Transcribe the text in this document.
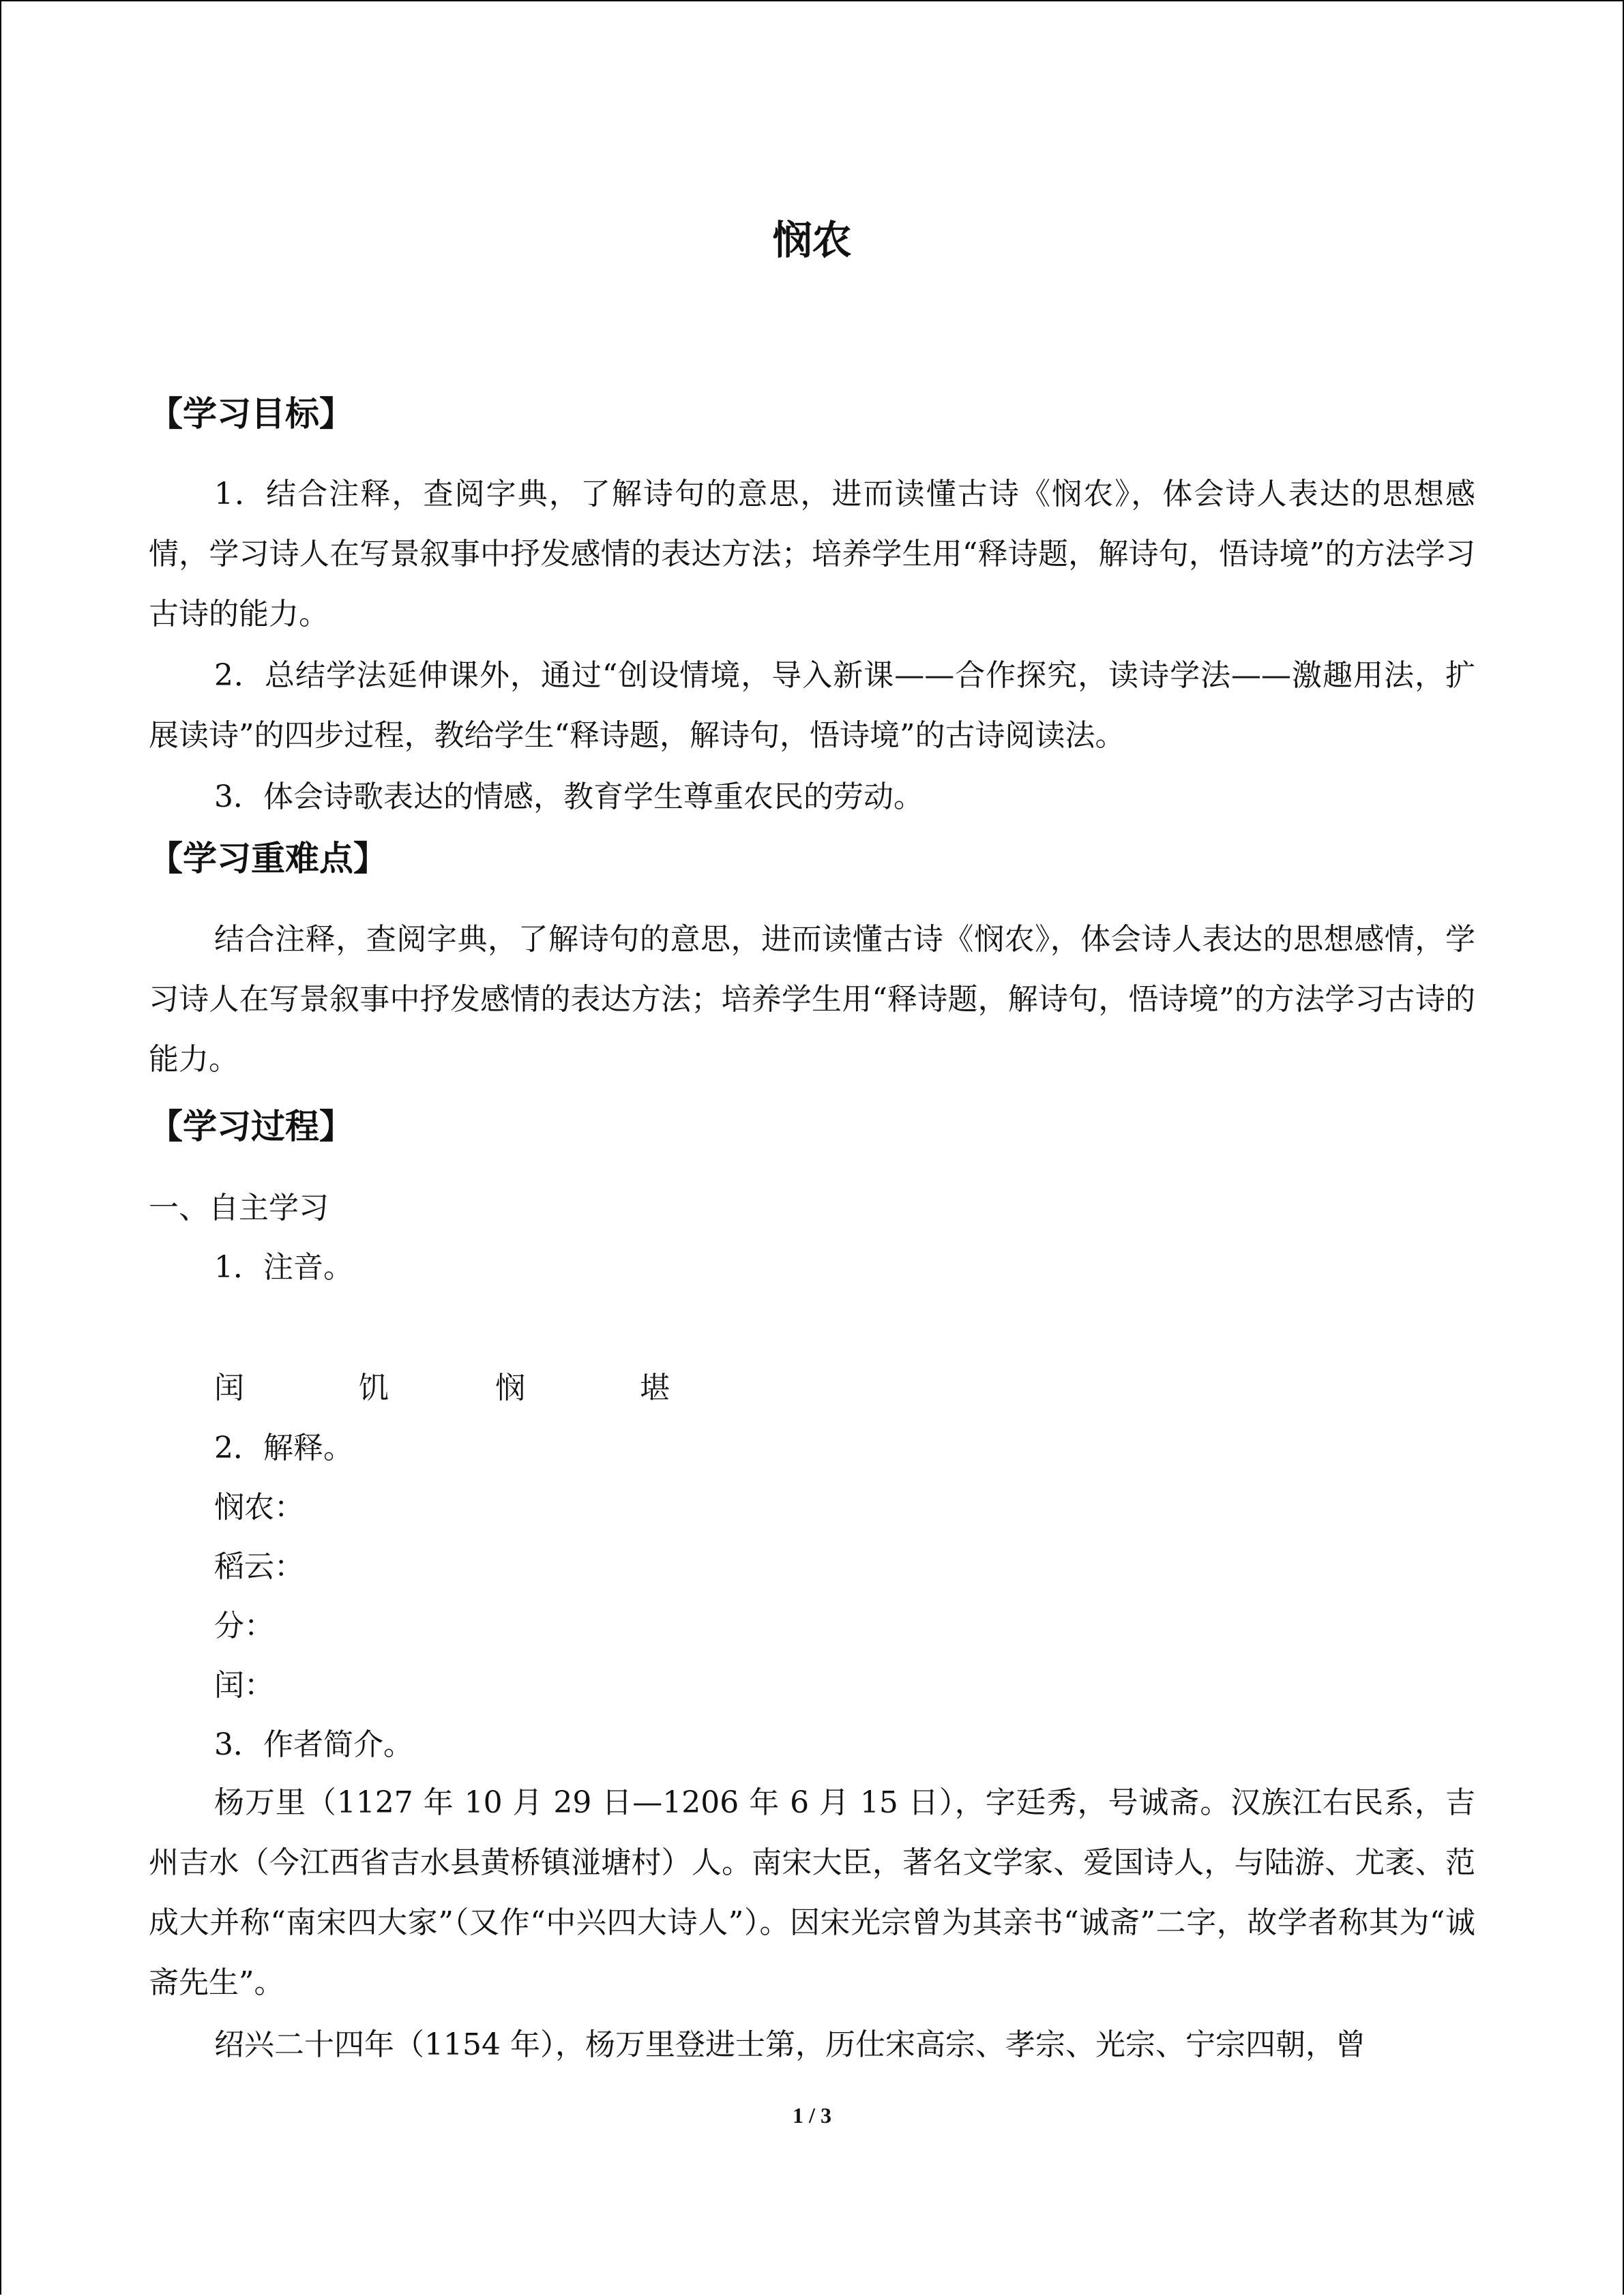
悯农
【学习目标】

1．结合注释，查阅字典，了解诗句的意思，进而读懂古诗《悯农》，体会诗人表达的思想感情，学习诗人在写景叙事中抒发感情的表达方法；培养学生用“释诗题，解诗句，悟诗境”的方法学习古诗的能力。

2．总结学法延伸课外，通过“创设情境，导入新课——合作探究，读诗学法——激趣用法，扩展读诗”的四步过程，教给学生“释诗题，解诗句，悟诗境”的古诗阅读法。

3．体会诗歌表达的情感，教育学生尊重农民的劳动。

【学习重难点】

结合注释，查阅字典，了解诗句的意思，进而读懂古诗《悯农》，体会诗人表达的思想感情，学习诗人在写景叙事中抒发感情的表达方法；培养学生用“释诗题，解诗句，悟诗境”的方法学习古诗的能力。

【学习过程】

一、自主学习

1．注音。

闰	饥	悯	堪

2．解释。

悯农：

稻云：

分：

闰：

3．作者简介。

杨万里（1127 年 10 月 29 日—1206 年 6 月 15 日），字廷秀，号诚斋。汉族江右民系，吉州吉水（今江西省吉水县黄桥镇湴塘村）人。南宋大臣，著名文学家、爱国诗人，与陆游、尤袤、范成大并称“南宋四大家”（又作“中兴四大诗人”）。因宋光宗曾为其亲书“诚斋”二字，故学者称其为“诚斋先生”。

绍兴二十四年（1154 年），杨万里登进士第，历仕宋高宗、孝宗、光宗、宁宗四朝，曾

1 / 3
